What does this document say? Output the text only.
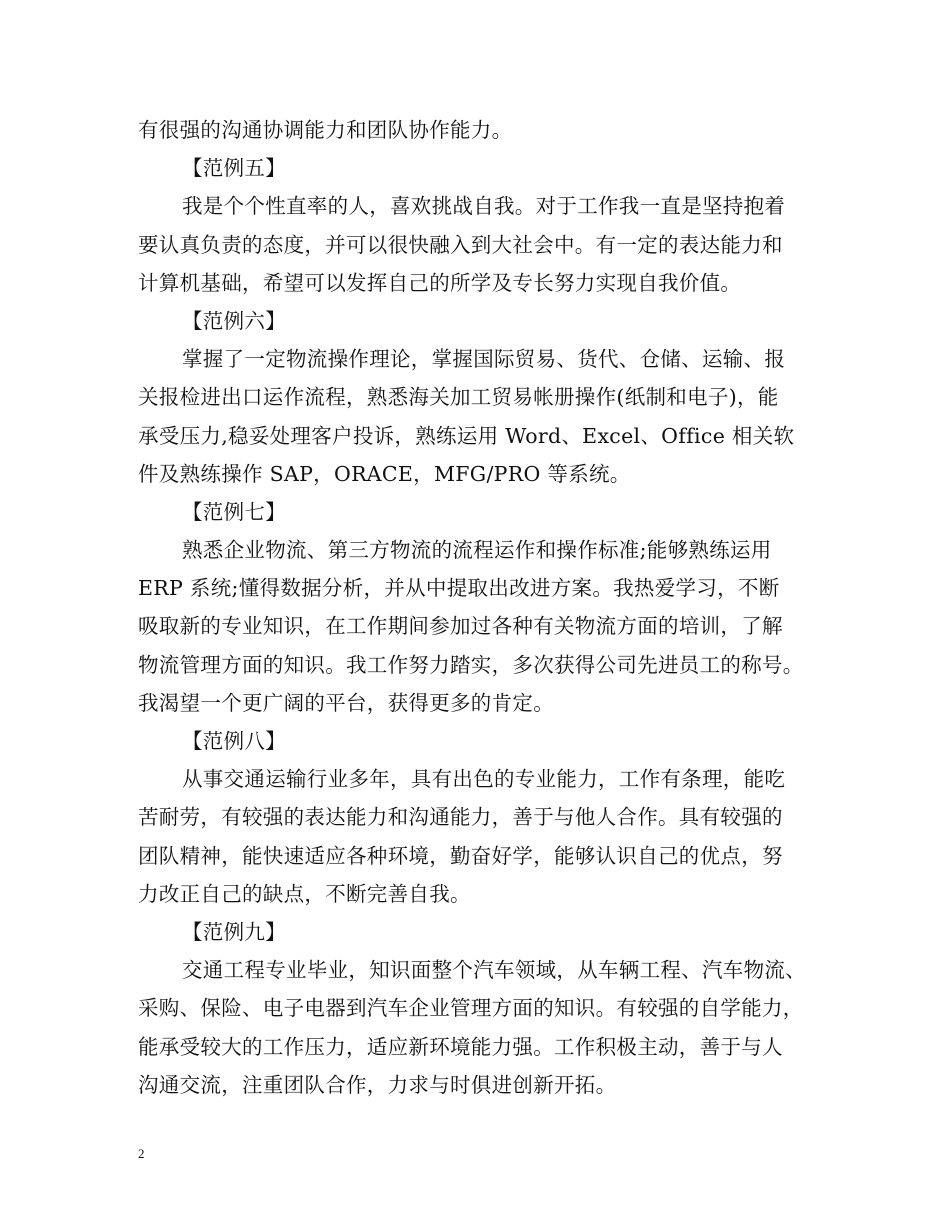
有很强的沟通协调能力和团队协作能力。
【范例五】
我是个个性直率的人，喜欢挑战自我。对于工作我一直是坚持抱着
要认真负责的态度，并可以很快融入到大社会中。有一定的表达能力和
计算机基础，希望可以发挥自己的所学及专长努力实现自我价值。
【范例六】
掌握了一定物流操作理论，掌握国际贸易、货代、仓储、运输、报
关报检进出口运作流程，熟悉海关加工贸易帐册操作(纸制和电子)，能
承受压力,稳妥处理客户投诉，熟练运用 Word、Excel、Office 相关软
件及熟练操作 SAP，ORACE，MFG/PRO 等系统。
【范例七】
熟悉企业物流、第三方物流的流程运作和操作标准;能够熟练运用
ERP 系统;懂得数据分析，并从中提取出改进方案。我热爱学习，不断
吸取新的专业知识，在工作期间参加过各种有关物流方面的培训，了解
物流管理方面的知识。我工作努力踏实，多次获得公司先进员工的称号。
我渴望一个更广阔的平台，获得更多的肯定。
【范例八】
从事交通运输行业多年，具有出色的专业能力，工作有条理，能吃
苦耐劳，有较强的表达能力和沟通能力，善于与他人合作。具有较强的
团队精神，能快速适应各种环境，勤奋好学，能够认识自己的优点，努
力改正自己的缺点，不断完善自我。
【范例九】
交通工程专业毕业，知识面整个汽车领域，从车辆工程、汽车物流、
采购、保险、电子电器到汽车企业管理方面的知识。有较强的自学能力，
能承受较大的工作压力，适应新环境能力强。工作积极主动，善于与人
沟通交流，注重团队合作，力求与时俱进创新开拓。
2
